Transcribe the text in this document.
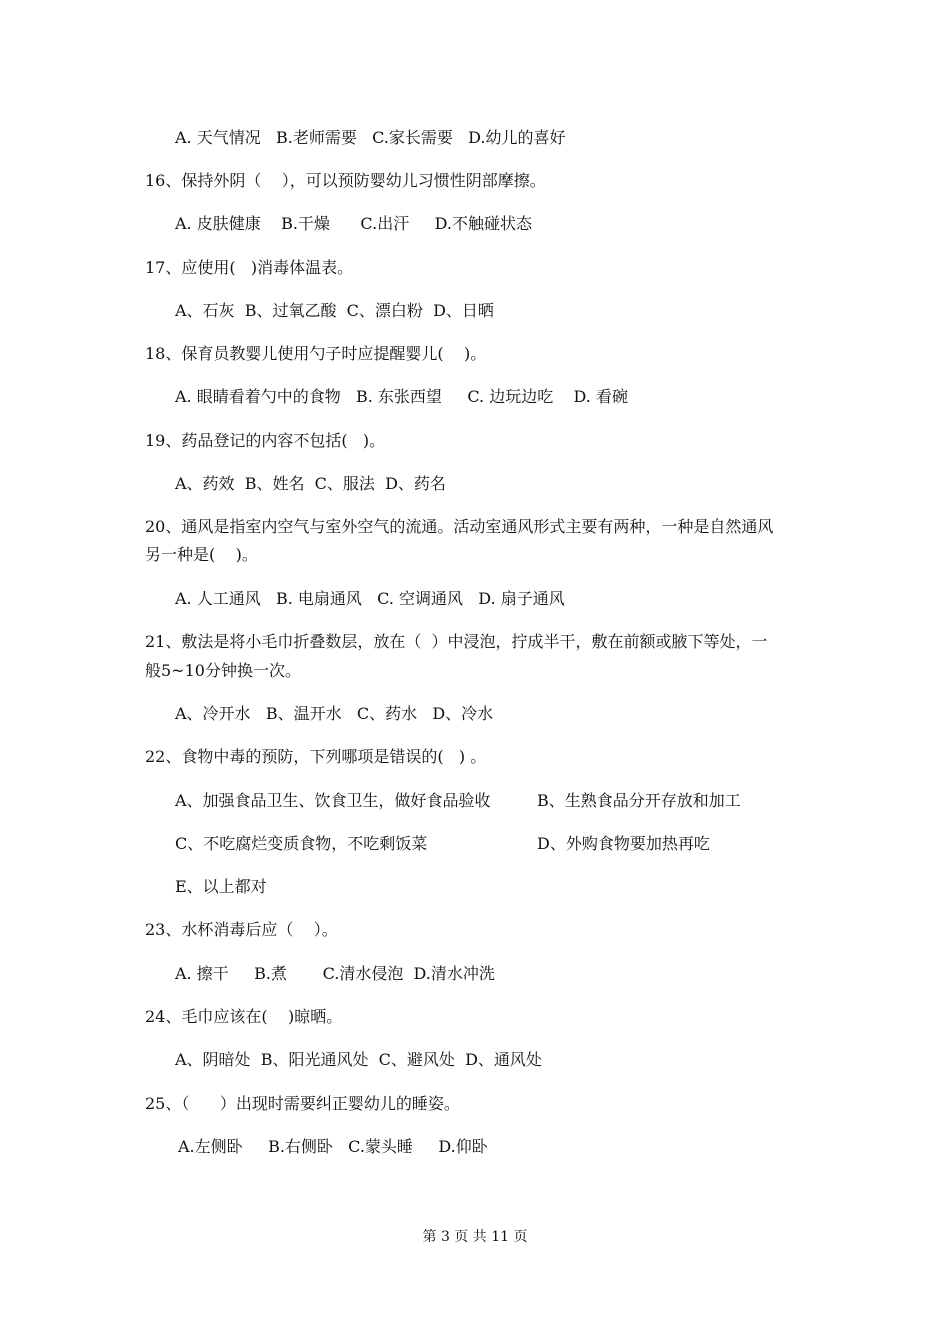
A. 天气情况   B.老师需要   C.家长需要   D.幼儿的喜好
16、保持外阴（    ），可以预防婴幼儿习惯性阴部摩擦。
A. 皮肤健康    B.干燥      C.出汗     D.不触碰状态
17、应使用(   )消毒体温表。
A、石灰  B、过氧乙酸  C、漂白粉  D、日晒
18、保育员教婴儿使用勺子时应提醒婴儿(    )。
A. 眼睛看着勺中的食物   B. 东张西望     C. 边玩边吃    D. 看碗
19、药品登记的内容不包括(   )。
A、药效  B、姓名  C、服法  D、药名
20、通风是指室内空气与室外空气的流通。活动室通风形式主要有两种，一种是自然通风
另一种是(    )。
A. 人工通风   B. 电扇通风   C. 空调通风   D. 扇子通风
21、敷法是将小毛巾折叠数层，放在（  ）中浸泡，拧成半干，敷在前额或腋下等处，一
般5~10分钟换一次。
A、冷开水   B、温开水   C、药水   D、冷水
22、食物中毒的预防，下列哪项是错误的(   ) 。
A、加强食品卫生、饮食卫生，做好食品验收	B、生熟食品分开存放和加工
C、不吃腐烂变质食物，不吃剩饭菜	D、外购食物要加热再吃
E、以上都对
23、水杯消毒后应（    ）。
A. 擦干     B.煮       C.清水侵泡  D.清水冲洗
24、毛巾应该在(    )晾晒。
A、阴暗处  B、阳光通风处  C、避风处  D、通风处
25、（      ）出现时需要纠正婴幼儿的睡姿。
A.左侧卧     B.右侧卧   C.蒙头睡     D.仰卧
第 3 页 共 11 页
